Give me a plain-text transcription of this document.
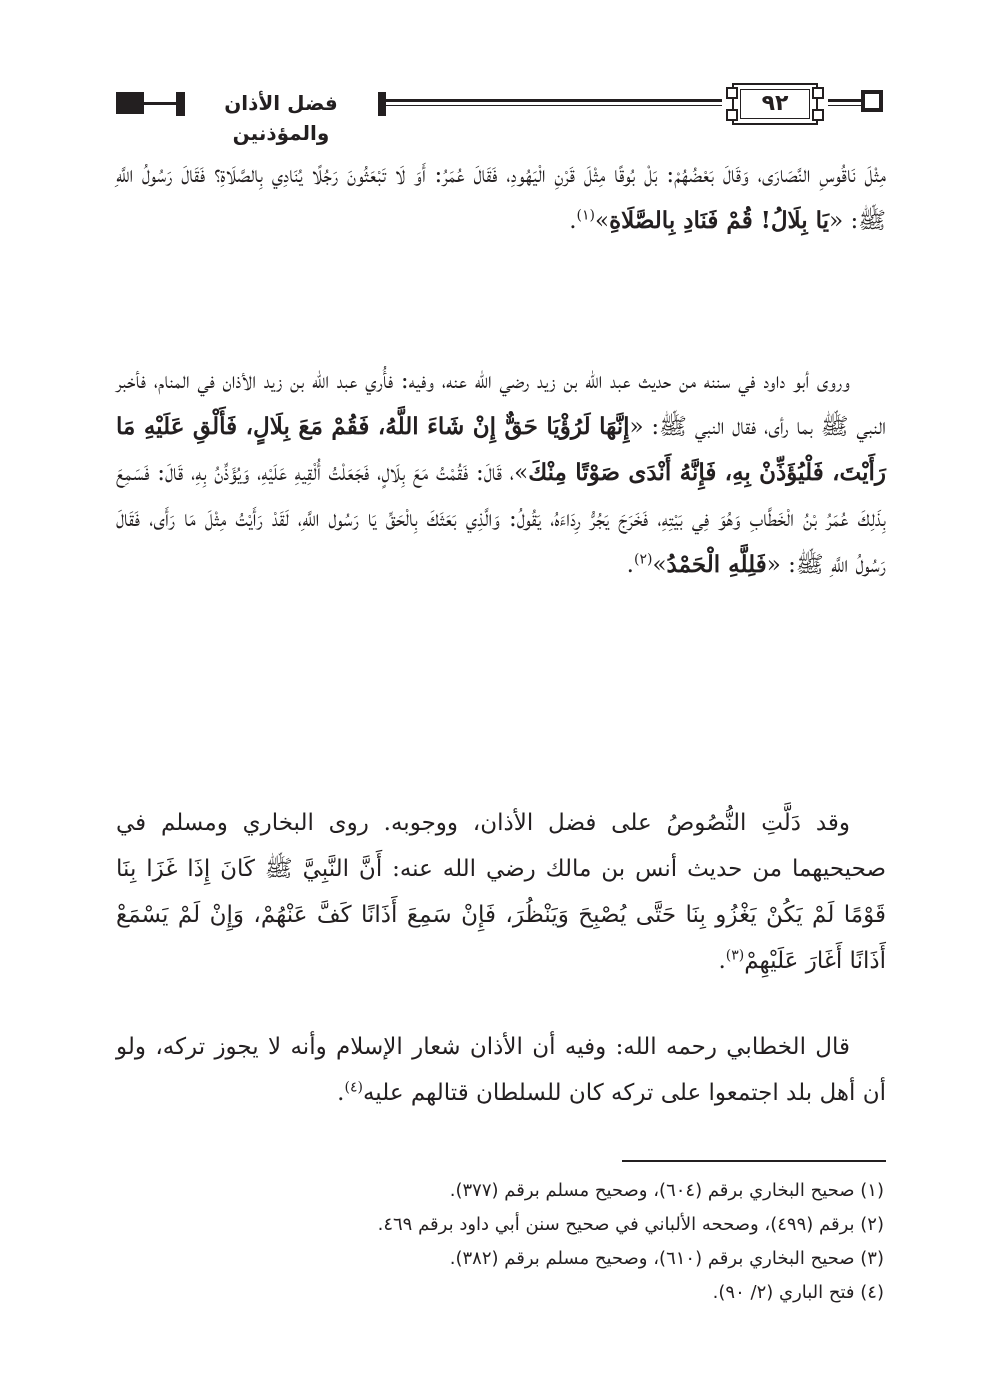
فضل الأذان والمؤذنين
٩٢

مِثْلَ نَاقُوسِ النَّصَارَى، وَقَالَ بَعْضُهُمْ: بَلْ بُوقًا مِثْلَ قَرْنِ الْيَهُودِ، فَقَالَ عُمَرُ: أَوَ لَا تَبْعَثُونَ رَجُلًا يُنَادِي بِالصَّلَاةِ؟ فَقَالَ رَسُولُ اللَّهِ ﷺ: «يَا بِلَالُ! قُمْ فَنَادِ بِالصَّلَاةِ»$^{(١)}$.

وروى أبو داود في سننه من حديث عبد الله بن زيد رضي الله عنه، وفيه: فأُري عبد الله بن زيد الأذان في المنام، فأخبر النبي ﷺ بما رأى، فقال النبي ﷺ: «إِنَّهَا لَرُؤْيَا حَقٌّ إِنْ شَاءَ اللَّهُ، فَقُمْ مَعَ بِلَالٍ، فَأَلْقِ عَلَيْهِ مَا رَأَيْتَ، فَلْيُؤَذِّنْ بِهِ، فَإِنَّهُ أَنْدَى صَوْتًا مِنْكَ»، قَالَ: فَقُمْتُ مَعَ بِلَالٍ، فَجَعَلْتُ أُلْقِيهِ عَلَيْهِ، وَيُؤَذِّنُ بِهِ، قَالَ: فَسَمِعَ بِذَلِكَ عُمَرُ بْنُ الْخَطَّابِ وَهُوَ فِي بَيْتِهِ، فَخَرَجَ يَجُرُّ رِدَاءَهُ، يَقُولُ: وَالَّذِي بَعَثَكَ بِالْحَقِّ يَا رَسُول اللَّهِ، لَقَدْ رَأَيْتُ مِثْلَ مَا رَأَى، فَقَالَ رَسُولُ اللَّهِ ﷺ: «فَلِلَّهِ الْحَمْدُ»$^{(٢)}$.

وقد دَلَّتِ النُّصُوصُ على فضل الأذان، ووجوبه. روى البخاري ومسلم في صحيحيهما من حديث أنس بن مالك رضي الله عنه: أَنَّ النَّبِيَّ ﷺ كَانَ إِذَا غَزَا بِنَا قَوْمًا لَمْ يَكُنْ يَغْزُو بِنَا حَتَّى يُصْبِحَ وَيَنْظُرَ، فَإِنْ سَمِعَ أَذَانًا كَفَّ عَنْهُمْ، وَإِنْ لَمْ يَسْمَعْ أَذَانًا أَغَارَ عَلَيْهِمْ$^{(٣)}$.

قال الخطابي رحمه الله: وفيه أن الأذان شعار الإسلام وأنه لا يجوز تركه، ولو أن أهل بلد اجتمعوا على تركه كان للسلطان قتالهم عليه$^{(٤)}$.

(١) صحيح البخاري برقم (٦٠٤)، وصحيح مسلم برقم (٣٧٧).
(٢) برقم (٤٩٩)، وصححه الألباني في صحيح سنن أبي داود برقم ٤٦٩.
(٣) صحيح البخاري برقم (٦١٠)، وصحيح مسلم برقم (٣٨٢).
(٤) فتح الباري (٢/ ٩٠).
